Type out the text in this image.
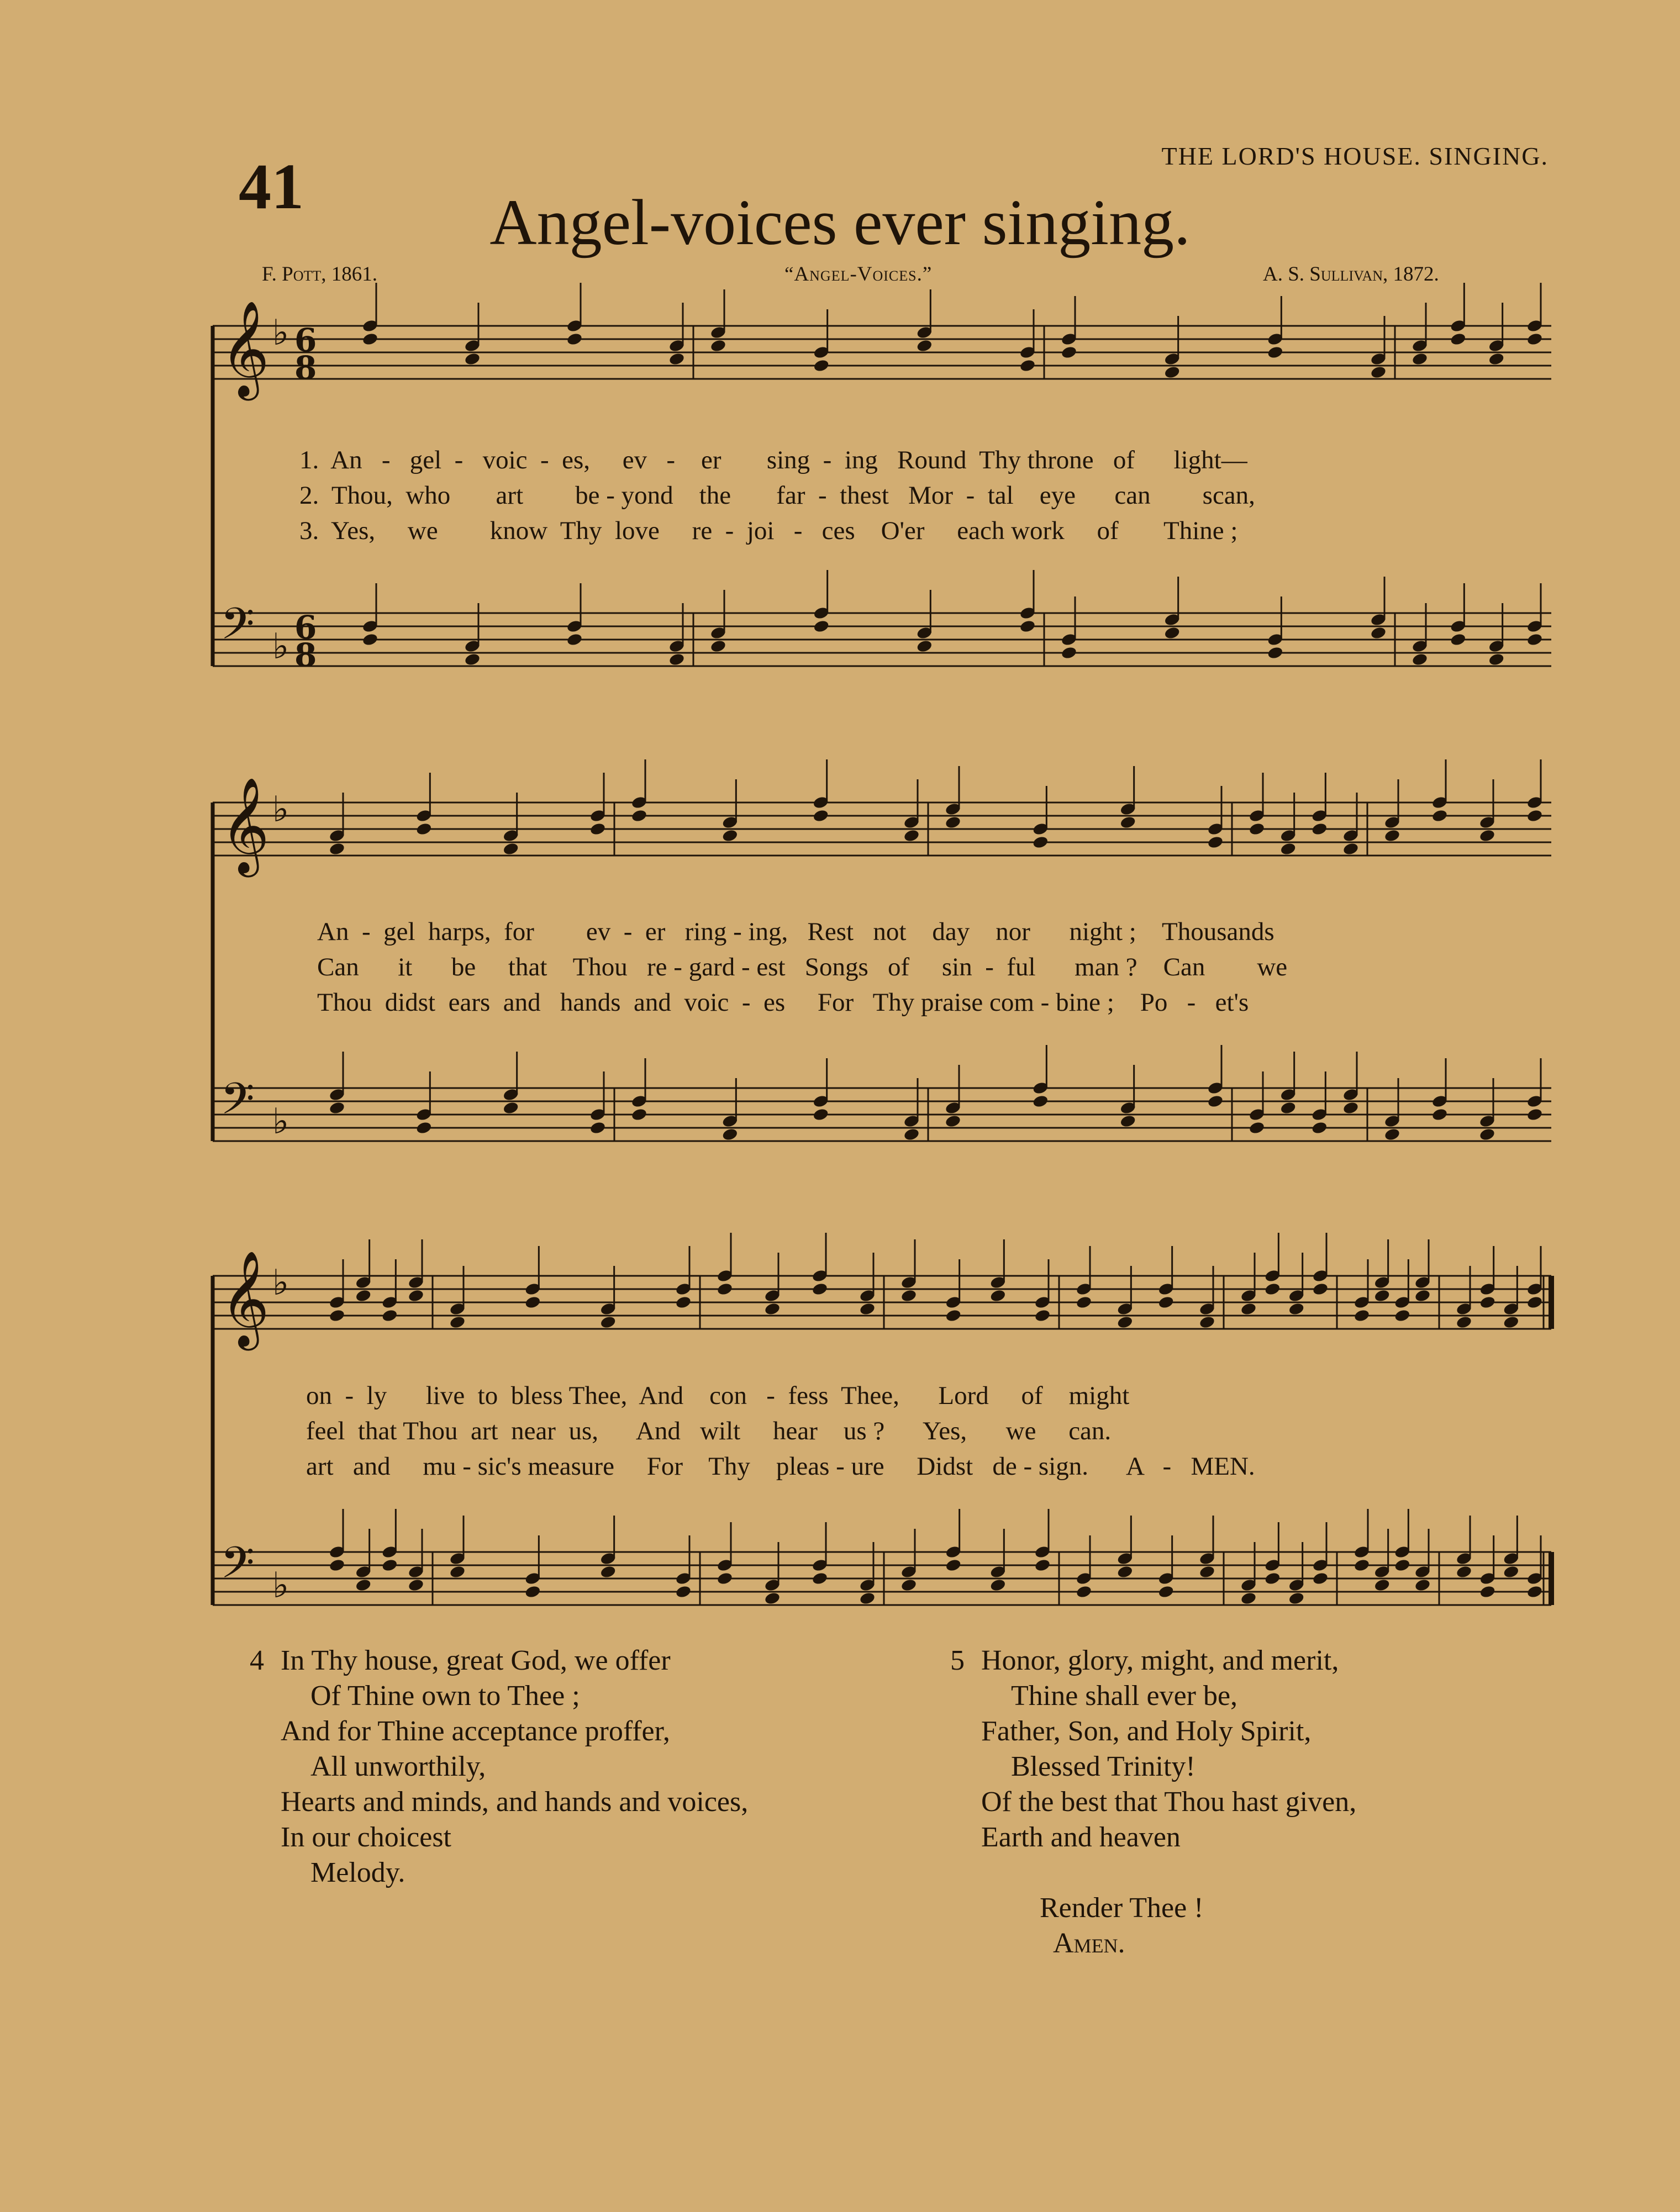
41	THE LORD'S HOUSE. SINGING.
Angel-voices ever singing.
F. Pott, 1861.	“Angel-Voices.”	A. S. Sullivan, 1872.
𝄞 ♭ 6
8
𝄢 ♭ 6
8
𝄞 ♭
𝄢 ♭
𝄞 ♭
𝄢 ♭

1.  An   -   gel  -   voic  -  es,     ev   -    er       sing  -  ing   Round  Thy throne   of      light—

2.  Thou,  who       art        be - yond    the       far  -  thest   Mor  -  tal    eye      can        scan,

3.  Yes,     we        know  Thy  love     re  -  joi   -   ces    O'er     each work     of       Thine ;

An  -  gel  harps,  for        ev  -  er   ring - ing,   Rest   not    day    nor      night ;    Thousands

Can      it      be     that    Thou   re - gard - est   Songs   of     sin  -  ful      man ?    Can        we

Thou  didst  ears  and   hands  and  voic  -  es     For   Thy praise com - bine ;    Po   -   et's

on  -  ly      live  to  bless Thee,  And    con   -  fess  Thee,      Lord     of    might

feel  that Thou  art  near  us,      And   wilt     hear    us ?      Yes,      we     can.

art   and     mu - sic's measure     For    Thy    pleas - ure     Didst   de - sign.      A   -   MEN.

4 In Thy house, great God, we offer
Of Thine own to Thee ;
And for Thine acceptance proffer,
All unworthily,
Hearts and minds, and hands and voices,
In our choicest
Melody.
5 Honor, glory, might, and merit,
Thine shall ever be,
Father, Son, and Holy Spirit,
Blessed Trinity!
Of the best that Thou hast given,
Earth and heaven

Render Thee !
Amen.
